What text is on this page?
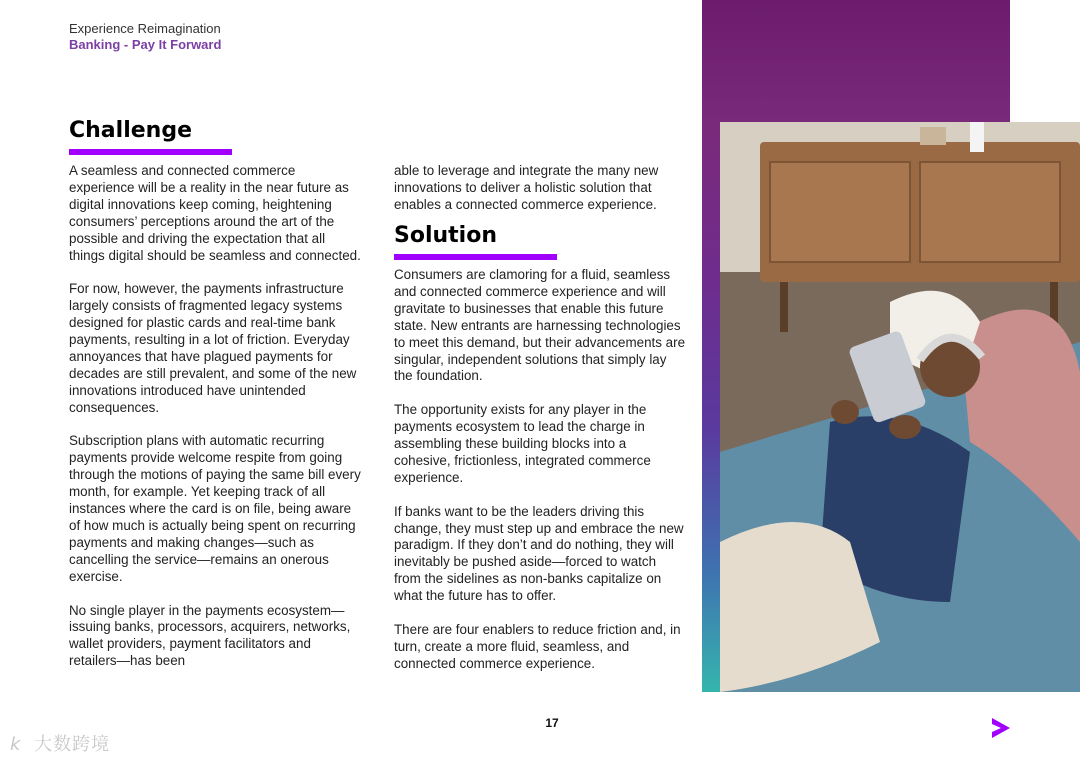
Experience Reimagination
Banking - Pay It Forward
Challenge

A seamless and connected commerce experience will be a reality in the near future as digital innovations keep coming, heightening consumers’ perceptions around the art of the possible and driving the expectation that all things digital should be seamless and connected.

For now, however, the payments infrastructure largely consists of fragmented legacy systems designed for plastic cards and real-time bank payments, resulting in a lot of friction. Everyday annoyances that have plagued payments for decades are still prevalent, and some of the new innovations introduced have unintended consequences.

Subscription plans with automatic recurring payments provide welcome respite from going through the motions of paying the same bill every month, for example. Yet keeping track of all instances where the card is on file, being aware of how much is actually being spent on recurring payments and making changes—such as cancelling the service—remains an onerous exercise.

No single player in the payments ecosystem—issuing banks, processors, acquirers, networks, wallet providers, payment facilitators and retailers—has been

able to leverage and integrate the many new innovations to deliver a holistic solution that enables a connected commerce experience.

Solution

Consumers are clamoring for a fluid, seamless and connected commerce experience and will gravitate to businesses that enable this future state. New entrants are harnessing technologies to meet this demand, but their advancements are singular, independent solutions that simply lay the foundation.

The opportunity exists for any player in the payments ecosystem to lead the charge in assembling these building blocks into a cohesive, frictionless, integrated commerce experience.

If banks want to be the leaders driving this change, they must step up and embrace the new paradigm. If they don’t and do nothing, they will inevitably be pushed aside—forced to watch from the sidelines as non-banks capitalize on what the future has to offer.

There are four enablers to reduce friction and, in turn, create a more fluid, seamless, and connected commerce experience.

17
k 大数跨境
